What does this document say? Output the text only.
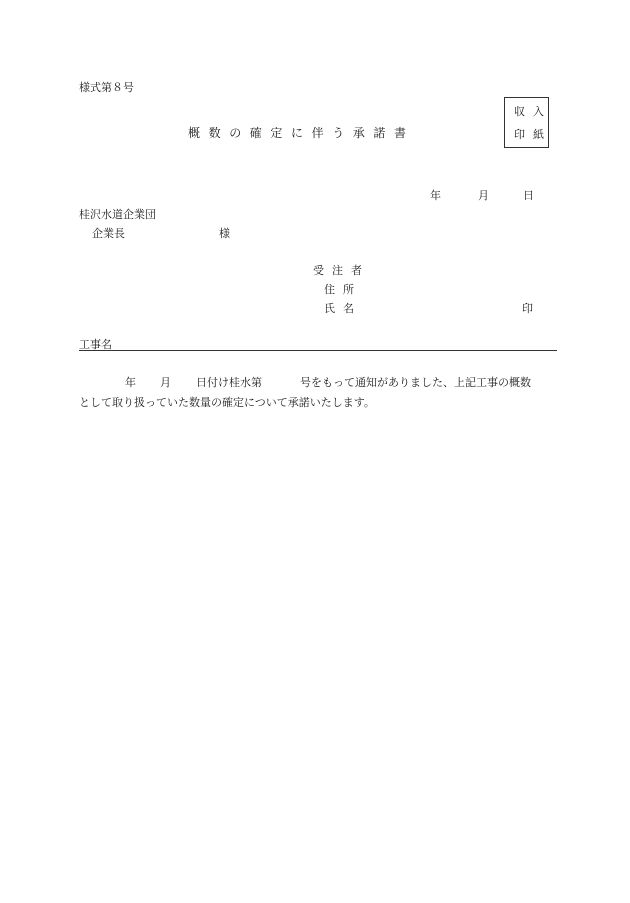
様式第８号
概数の確定に伴う承諾書
収入
印紙
年	月	日
桂沢水道企業団
企業長	様
受注者
住所
氏名	印
工事名
年 月 日付け桂水第	号をもって通知がありました、上記工事の概数
として取り扱っていた数量の確定について承諾いたします。
